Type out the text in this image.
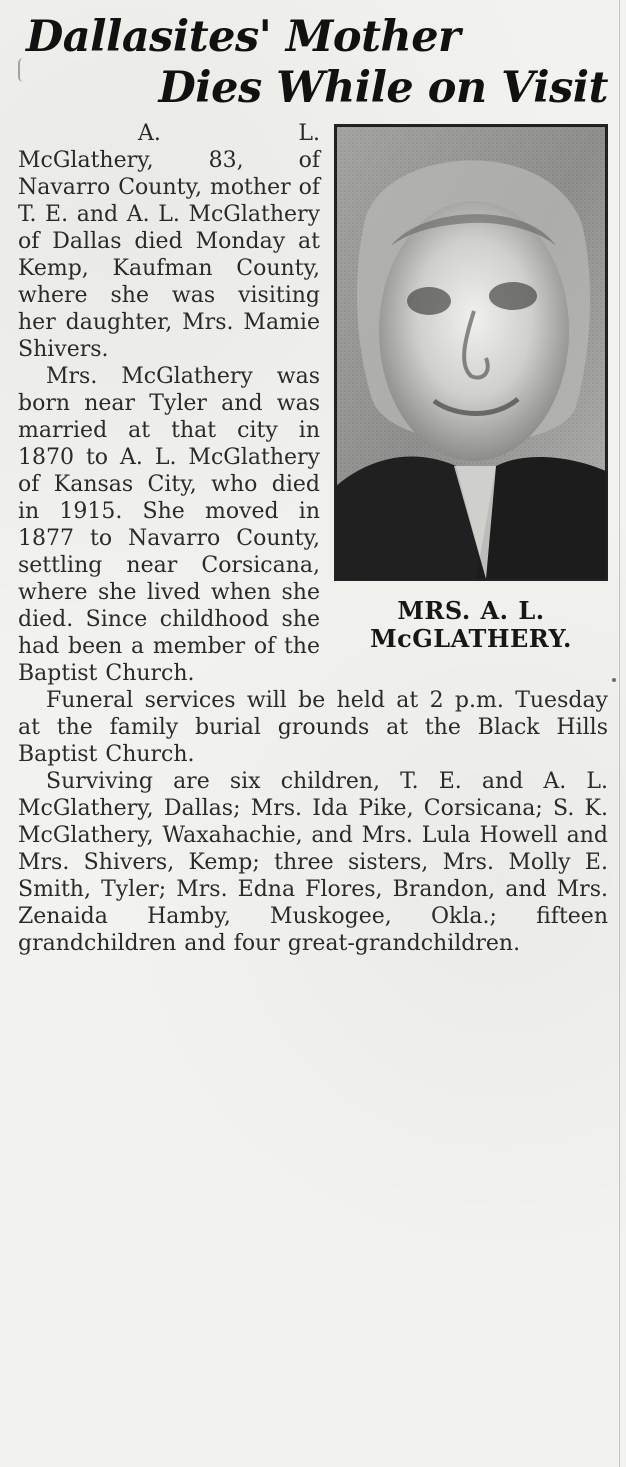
Dallasites' Mother
Dies While on Visit
MRS. A. L.
McGLATHERY.

A. L. McGlathery, 83, of Navarro County, mother of T. E. and A. L. McGlathery of Dallas died Monday at Kemp, Kaufman County, where she was visiting her daughter, Mrs. Mamie Shivers.

Mrs. McGlathery was born near Tyler and was married at that city in 1870 to A. L. McGlathery of Kansas City, who died in 1915. She moved in 1877 to Navarro County, settling near Corsicana, where she lived when she died. Since childhood she had been a member of the Baptist Church.

Funeral services will be held at 2 p.m. Tuesday at the family burial grounds at the Black Hills Baptist Church.

Surviving are six children, T. E. and A. L. McGlathery, Dallas; Mrs. Ida Pike, Corsicana; S. K. McGlathery, Waxahachie, and Mrs. Lula Howell and Mrs. Shivers, Kemp; three sisters, Mrs. Molly E. Smith, Tyler; Mrs. Edna Flores, Brandon, and Mrs. Zenaida Hamby, Muskogee, Okla.; fifteen grandchildren and four great-grandchildren.
